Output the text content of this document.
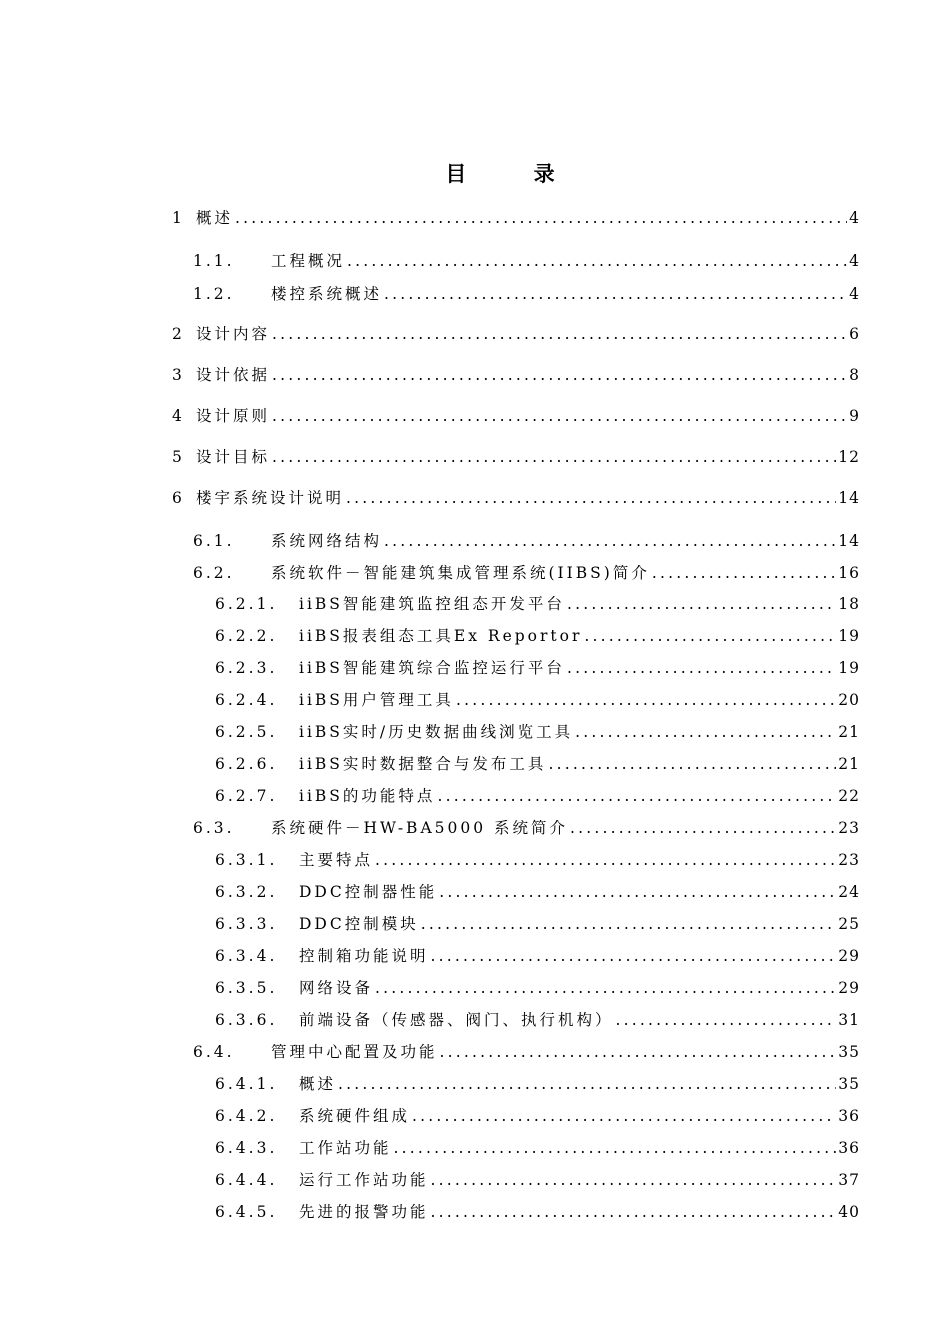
目 录
1 概述 .....	4
1.1.	工程概况 .....	4
1.2.	楼控系统概述 .....	4
2 设计内容 .....	6
3 设计依据 .....	8
4 设计原则 .....	9
5 设计目标 .....	12
6 楼宇系统设计说明 .....	14
6.1.	系统网络结构 .....	14
6.2.	系统软件－智能建筑集成管理系统(IIBS)简介 .....	16
6.2.1.	iiBS智能建筑监控组态开发平台 .....	18
6.2.2.	iiBS报表组态工具Ex Reportor .....	19
6.2.3.	iiBS智能建筑综合监控运行平台 .....	19
6.2.4.	iiBS用户管理工具 .....	20
6.2.5.	iiBS实时/历史数据曲线浏览工具 .....	21
6.2.6.	iiBS实时数据整合与发布工具 .....	21
6.2.7.	iiBS的功能特点 .....	22
6.3.	系统硬件－HW-BA5000 系统简介 .....	23
6.3.1.	主要特点 .....	23
6.3.2.	DDC控制器性能 .....	24
6.3.3.	DDC控制模块 .....	25
6.3.4.	控制箱功能说明 .....	29
6.3.5.	网络设备 .....	29
6.3.6.	前端设备（传感器、阀门、执行机构） .....	31
6.4.	管理中心配置及功能 .....	35
6.4.1.	概述 .....	35
6.4.2.	系统硬件组成 .....	36
6.4.3.	工作站功能 .....	36
6.4.4.	运行工作站功能 .....	37
6.4.5.	先进的报警功能 .....	40
